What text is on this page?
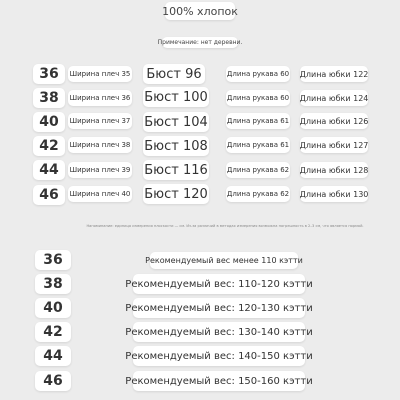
100% хлопок
Примечание: нет деревни.
36	Ширина плеч 35 Бюст 96	Длина рукава 60 Длина юбки 122
38	Ширина плеч 36 Бюст 100	Длина рукава 60 Длина юбки 124
40	Ширина плеч 37 Бюст 104	Длина рукава 61 Длина юбки 126
42	Ширина плеч 38 Бюст 108	Длина рукава 61 Длина юбки 127
44	Ширина плеч 39 Бюст 116	Длина рукава 62 Длина юбки 128
46	Ширина плеч 40 Бюст 120	Длина рукава 62 Длина юбки 130
Напоминание: единица измерения плоскости — см. Из-за различий в методах измерения возможна погрешность в 2–3 см, что является нормой.
36	Рекомендуемый вес менее 110 кэтти
38	Рекомендуемый вес: 110-120 кэтти
40	Рекомендуемый вес: 120-130 кэтти
42	Рекомендуемый вес: 130-140 кэтти
44	Рекомендуемый вес: 140-150 кэтти
46	Рекомендуемый вес: 150-160 кэтти
